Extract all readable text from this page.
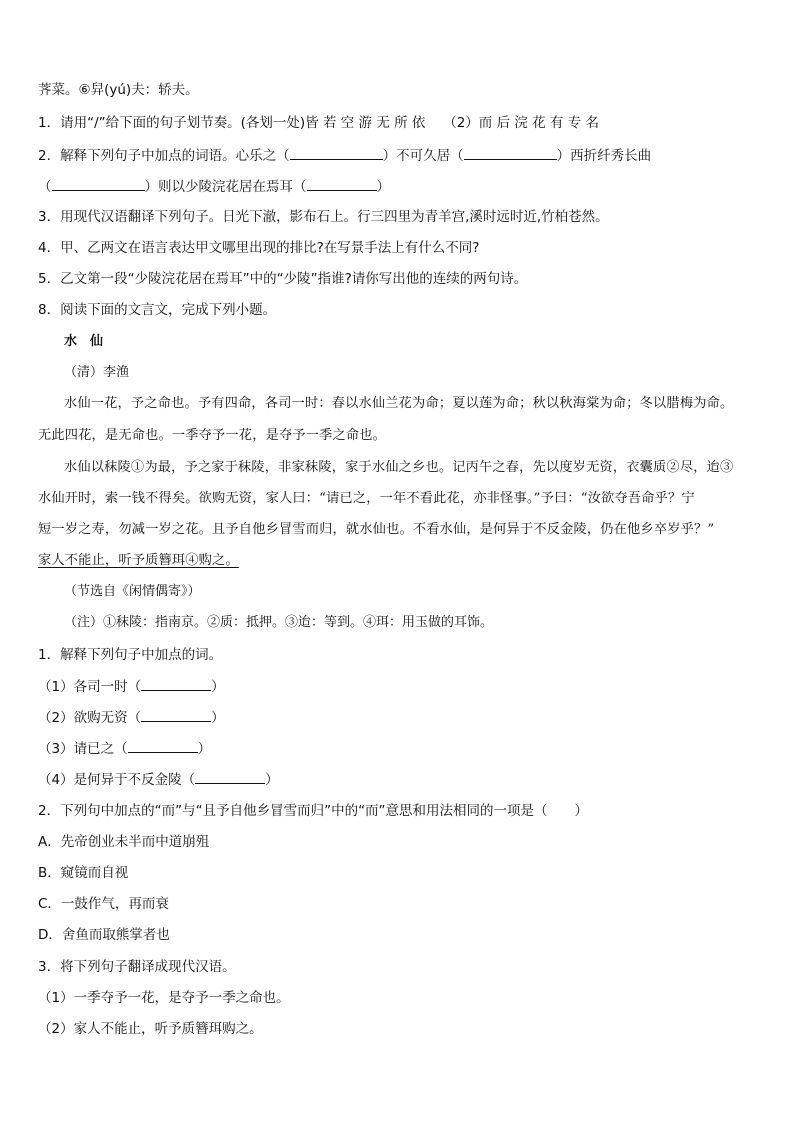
荠菜。⑥舁(yú)夫：轿夫。
1．请用“/”给下面的句子划节奏。(各划一处)皆 若 空 游 无 所 依　 （2）而 后 浣 花 有 专 名
2．解释下列句子中加点的词语。心乐之（	）不可久居（	）西折纤秀长曲
（	）则以少陵浣花居在焉耳（	）
3．用现代汉语翻译下列句子。日光下澈，影布石上。行三四里为青羊宫,溪时远时近,竹柏苍然。
4．甲、乙两文在语言表达甲文哪里出现的排比?在写景手法上有什么不同?
5．乙文第一段“少陵浣花居在焉耳”中的“少陵”指谁?请你写出他的连续的两句诗。
8．阅读下面的文言文，完成下列小题。
水　仙
（清）李渔
水仙一花，予之命也。予有四命，各司一时：春以水仙兰花为命；夏以莲为命；秋以秋海棠为命；冬以腊梅为命。
无此四花，是无命也。一季夺予一花，是夺予一季之命也。
水仙以秣陵①为最，予之家于秣陵，非家秣陵，家于水仙之乡也。记丙午之春，先以度岁无资，衣囊质②尽，迨③
水仙开时，索一钱不得矣。欲购无资，家人曰：“请已之，一年不看此花，亦非怪事。”予曰：“汝欲夺吾命乎？宁
短一岁之寿，勿减一岁之花。且予自他乡冒雪而归，就水仙也。不看水仙，是何异于不反金陵，仍在他乡卒岁乎？”
家人不能止，听予质簪珥④购之。
（节选自《闲情偶寄》）
（注）①秣陵：指南京。②质：抵押。③迨：等到。④珥：用玉做的耳饰。
1．解释下列句子中加点的词。
（1）各司一时（	）
（2）欲购无资（	）
（3）请已之（	）
（4）是何异于不反金陵（	）
2．下列句中加点的“而”与“且予自他乡冒雪而归”中的“而”意思和用法相同的一项是（　　）
A．先帝创业未半而中道崩殂
B．窥镜而自视
C．一鼓作气，再而衰
D．舍鱼而取熊掌者也
3．将下列句子翻译成现代汉语。
（1）一季夺予一花，是夺予一季之命也。
（2）家人不能止，听予质簪珥购之。
